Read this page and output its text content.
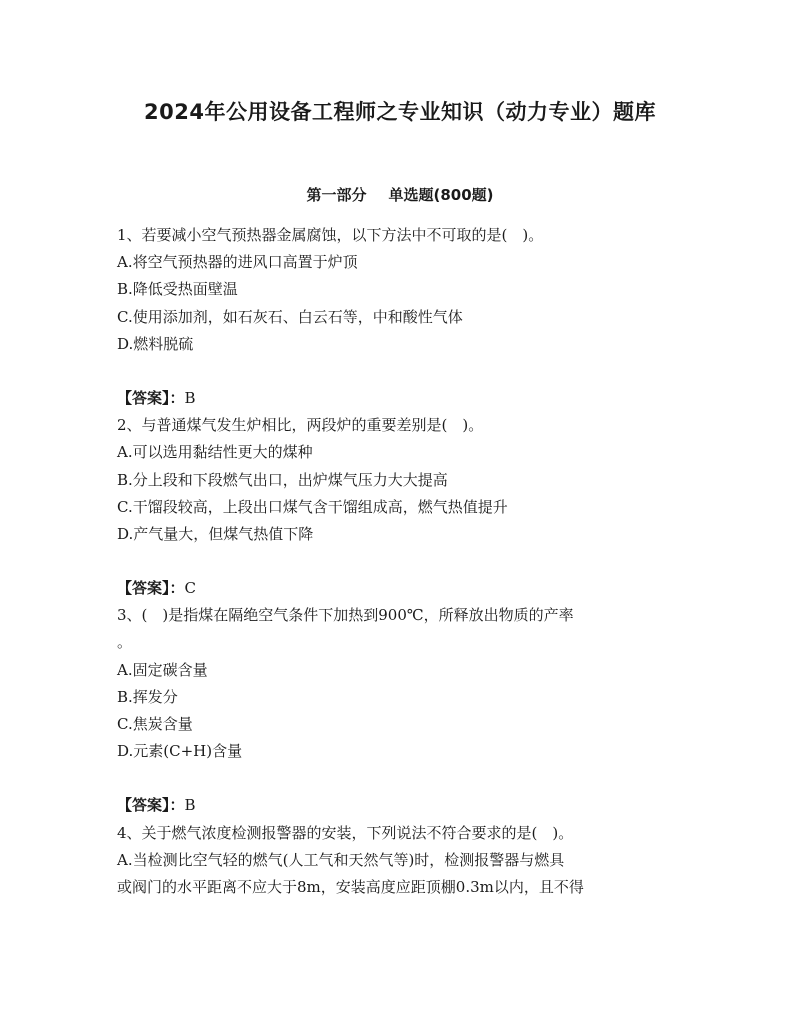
2024年公用设备工程师之专业知识（动力专业）题库
第一部分 单选题(800题)
1、若要减小空气预热器金属腐蚀，以下方法中不可取的是(　)。
A.将空气预热器的进风口高置于炉顶
B.降低受热面壁温
C.使用添加剂，如石灰石、白云石等，中和酸性气体
D.燃料脱硫
【答案】：B
2、与普通煤气发生炉相比，两段炉的重要差别是(　)。
A.可以选用黏结性更大的煤种
B.分上段和下段燃气出口，出炉煤气压力大大提高
C.干馏段较高，上段出口煤气含干馏组成高，燃气热值提升
D.产气量大，但煤气热值下降
【答案】：C
3、(　)是指煤在隔绝空气条件下加热到900℃，所释放出物质的产率
。
A.固定碳含量
B.挥发分
C.焦炭含量
D.元素(C+H)含量
【答案】：B
4、关于燃气浓度检测报警器的安装，下列说法不符合要求的是(　)。
A.当检测比空气轻的燃气(人工气和天然气等)时，检测报警器与燃具
或阀门的水平距离不应大于8m，安装高度应距顶棚0.3m以内，且不得
